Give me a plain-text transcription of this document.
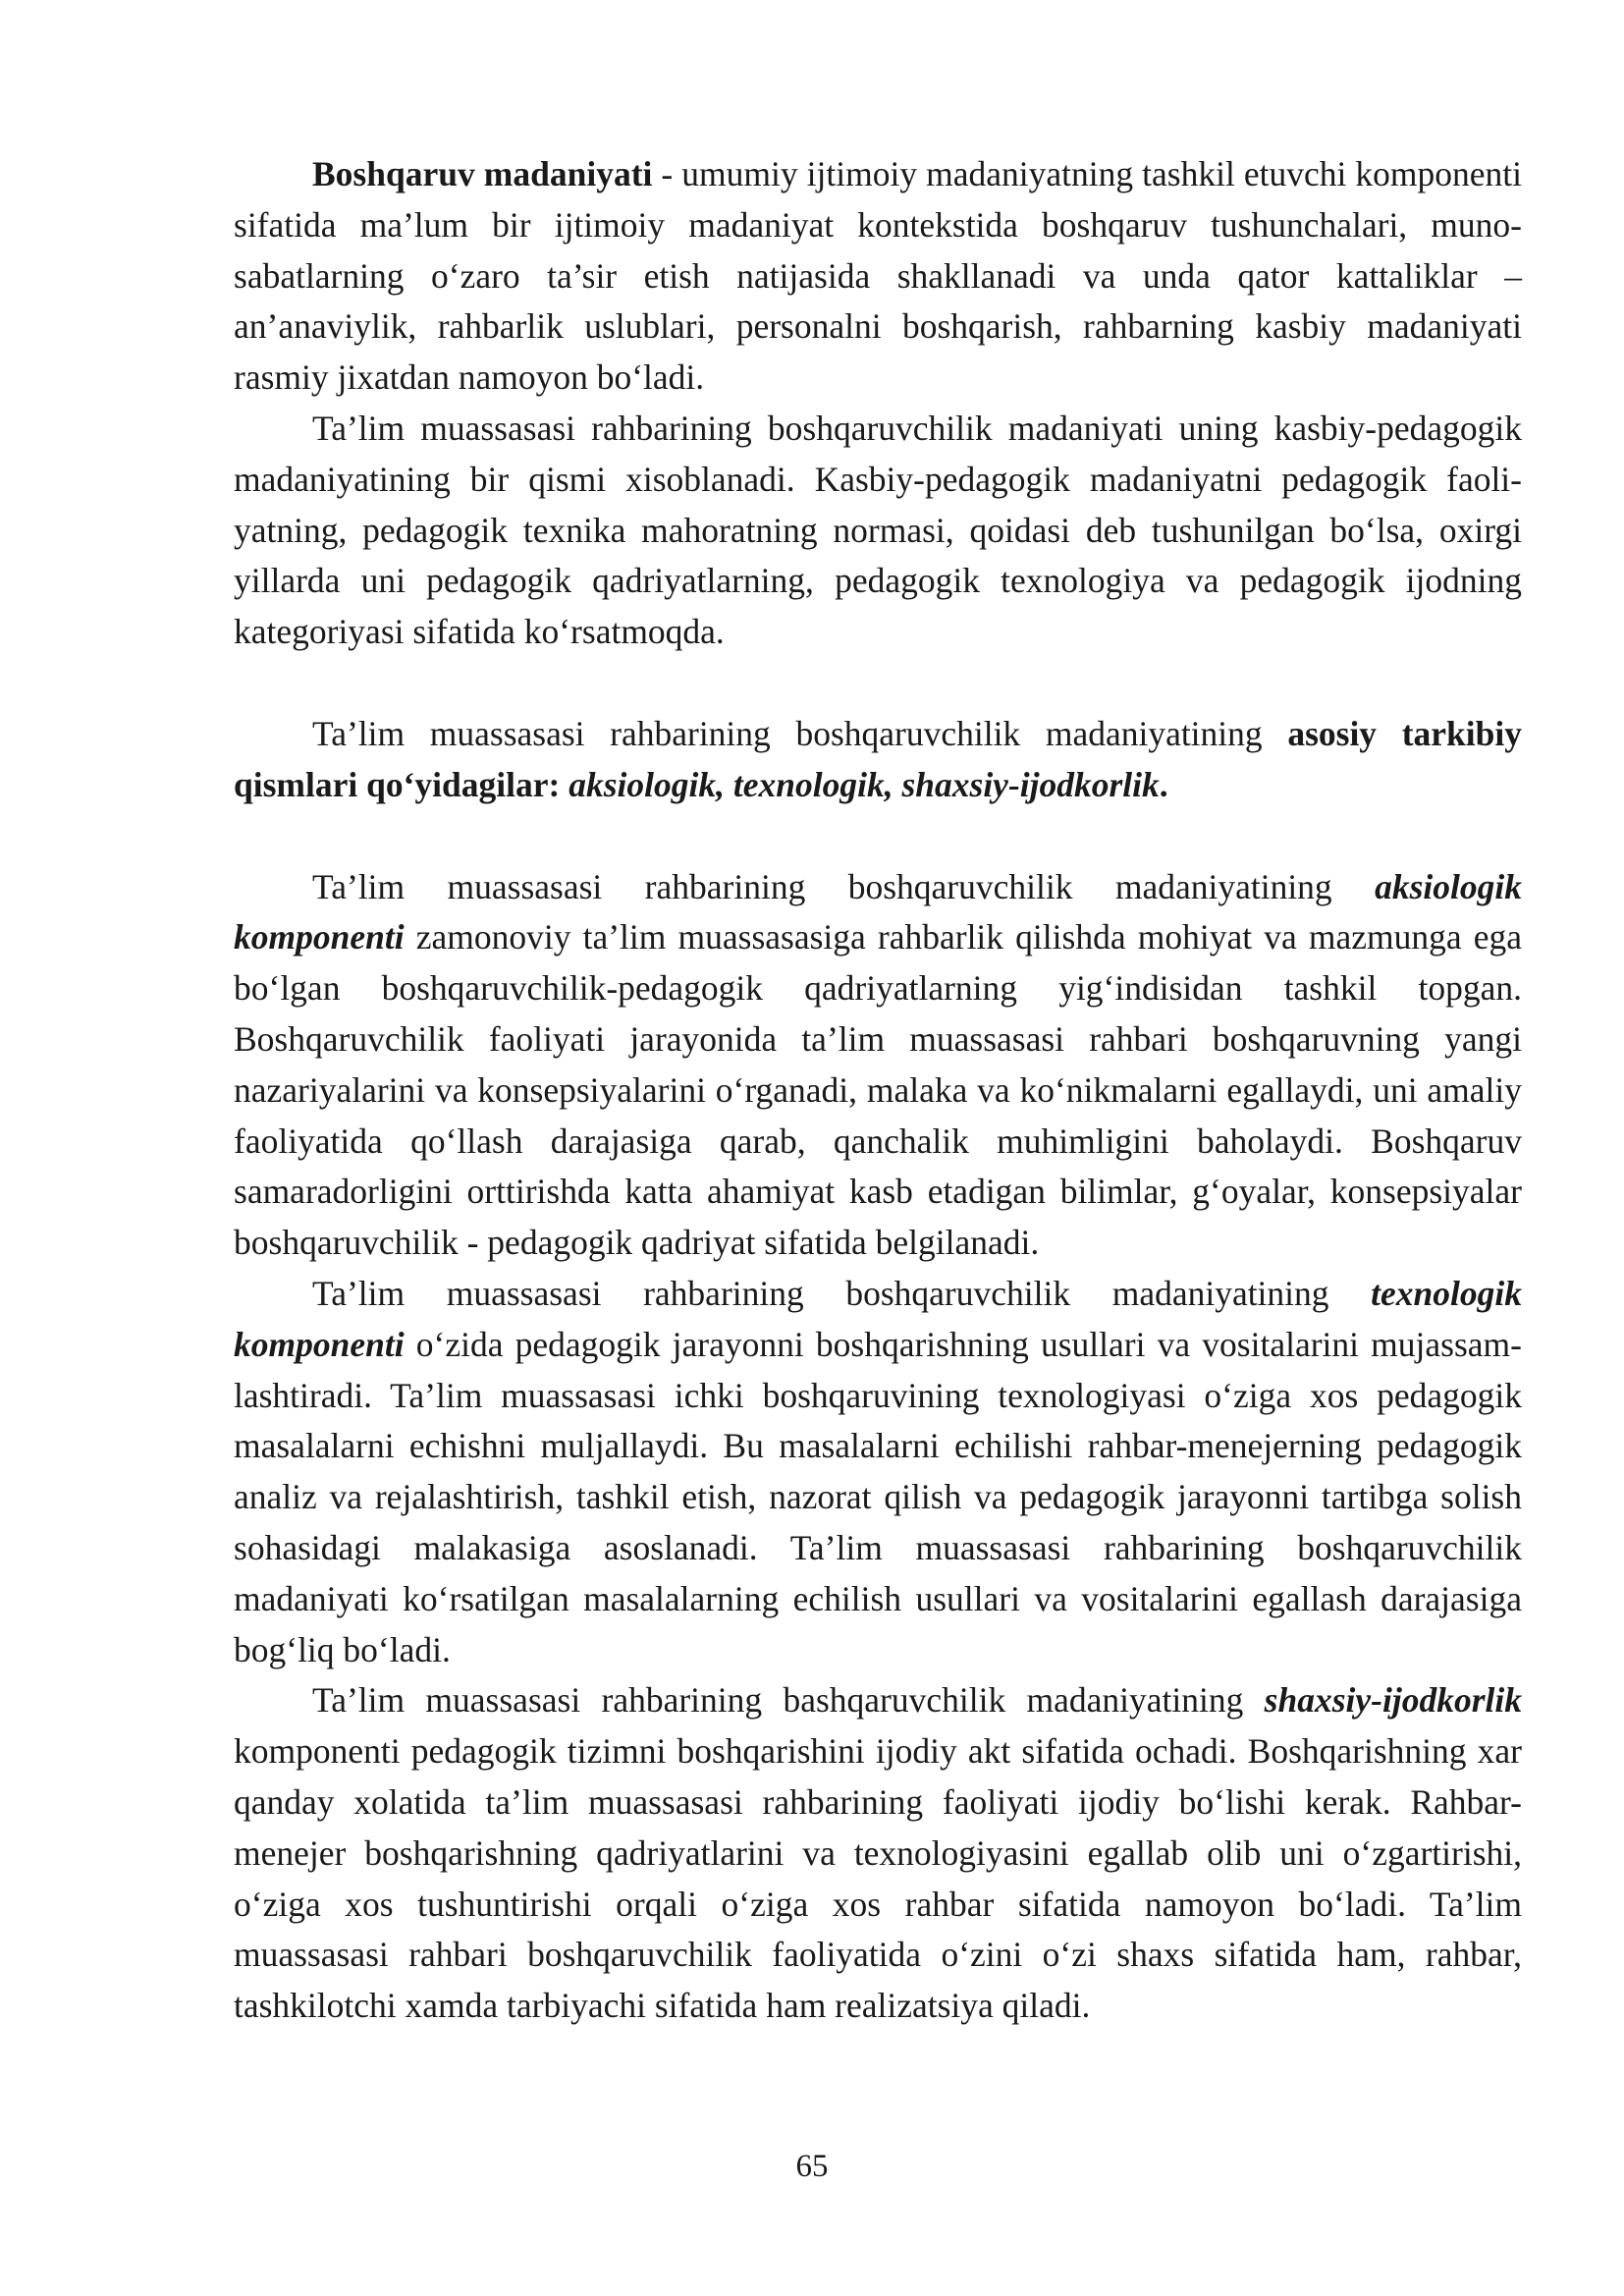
Boshqaruv madaniyati - umumiy ijtimoiy madaniyatning tashkil etuvchi komponenti sifatida ma’lum bir ijtimoiy madaniyat kontekstida boshqaruv tushunchalari, muno-sabatlarning o‘zaro ta’sir etish natijasida shakllanadi va unda qator kattaliklar – an’anaviylik, rahbarlik uslublari, personalni boshqarish, rahbarning kasbiy madaniyati rasmiy jixatdan namoyon bo‘ladi.

Ta’lim muassasasi rahbarining boshqaruvchilik madaniyati uning kasbiy-pedagogik madaniyatining bir qismi xisoblanadi. Kasbiy-pedagogik madaniyatni pedagogik faoli-yatning, pedagogik texnika mahoratning normasi, qoidasi deb tushunilgan bo‘lsa, oxirgi yillarda uni pedagogik qadriyatlarning, pedagogik texnologiya va pedagogik ijodning kategoriyasi sifatida ko‘rsatmoqda.

Ta’lim muassasasi rahbarining boshqaruvchilik madaniyatining asosiy tarkibiy qismlari qo‘yidagilar: aksiologik, texnologik, shaxsiy-ijodkorlik.

Ta’lim muassasasi rahbarining boshqaruvchilik madaniyatining aksiologik komponenti zamonoviy ta’lim muassasasiga rahbarlik qilishda mohiyat va mazmunga ega bo‘lgan boshqaruvchilik-pedagogik qadriyatlarning yig‘indisidan tashkil topgan. Boshqaruvchilik faoliyati jarayonida ta’lim muassasasi rahbari boshqaruvning yangi nazariyalarini va konsepsiyalarini o‘rganadi, malaka va ko‘nikmalarni egallaydi, uni amaliy faoliyatida qo‘llash darajasiga qarab, qanchalik muhimligini baholaydi. Boshqaruv samaradorligini orttirishda katta ahamiyat kasb etadigan bilimlar, g‘oyalar, konsepsiyalar boshqaruvchilik - pedagogik qadriyat sifatida belgilanadi.

Ta’lim muassasasi rahbarining boshqaruvchilik madaniyatining texnologik komponenti o‘zida pedagogik jarayonni boshqarishning usullari va vositalarini mujassam-lashtiradi. Ta’lim muassasasi ichki boshqaruvining texnologiyasi o‘ziga xos pedagogik masalalarni echishni muljallaydi. Bu masalalarni echilishi rahbar-menejerning pedagogik analiz va rejalashtirish, tashkil etish, nazorat qilish va pedagogik jarayonni tartibga solish sohasidagi malakasiga asoslanadi. Ta’lim muassasasi rahbarining boshqaruvchilik madaniyati ko‘rsatilgan masalalarning echilish usullari va vositalarini egallash darajasiga bog‘liq bo‘ladi.

Ta’lim muassasasi rahbarining bashqaruvchilik madaniyatining shaxsiy-ijodkorlik komponenti pedagogik tizimni boshqarishini ijodiy akt sifatida ochadi. Boshqarishning xar qanday xolatida ta’lim muassasasi rahbarining faoliyati ijodiy bo‘lishi kerak. Rahbar-menejer boshqarishning qadriyatlarini va texnologiyasini egallab olib uni o‘zgartirishi, o‘ziga xos tushuntirishi orqali o‘ziga xos rahbar sifatida namoyon bo‘ladi. Ta’lim muassasasi rahbari boshqaruvchilik faoliyatida o‘zini o‘zi shaxs sifatida ham, rahbar, tashkilotchi xamda tarbiyachi sifatida ham realizatsiya qiladi.

65
